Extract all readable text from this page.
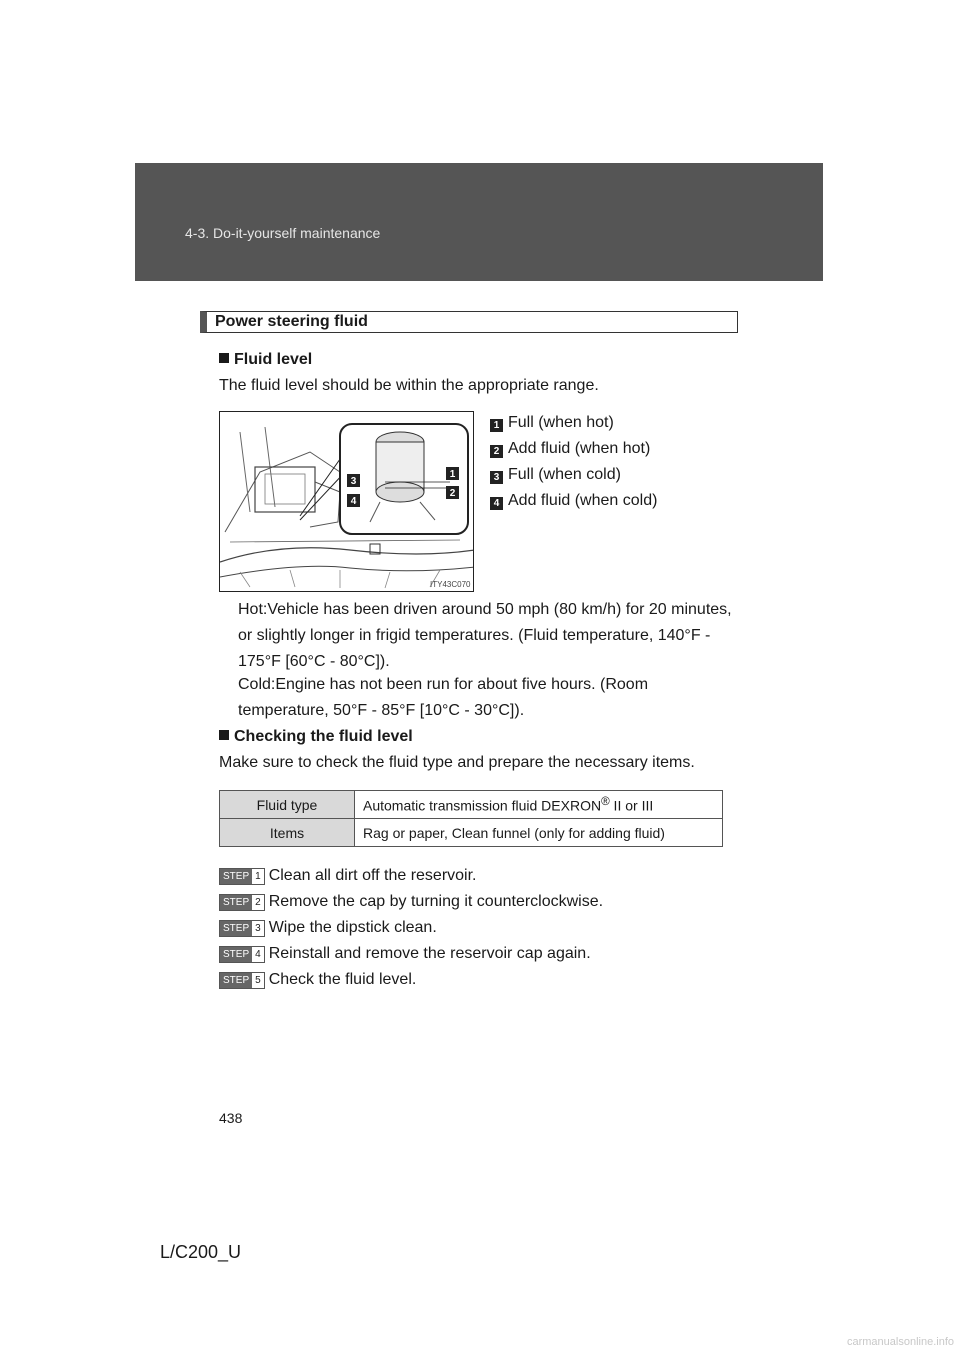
4-3. Do-it-yourself maintenance
Power steering fluid
Fluid level
The fluid level should be within the appropriate range.
3
4
1
2
ITY43C070
1 Full (when hot)
2 Add fluid (when hot)
3 Full (when cold)
4 Add fluid (when cold)
Hot:Vehicle has been driven around 50 mph (80 km/h) for 20 minutes, or slightly longer in frigid temperatures. (Fluid temperature, 140°F - 175°F [60°C - 80°C]).
Cold:Engine has not been run for about five hours. (Room temperature, 50°F - 85°F [10°C - 30°C]).
Checking the fluid level
Make sure to check the fluid type and prepare the necessary items.
Fluid type	Automatic transmission fluid DEXRON® II or III
Items	Rag or paper, Clean funnel (only for adding fluid)
STEP 1 Clean all dirt off the reservoir.
STEP 2 Remove the cap by turning it counterclockwise.
STEP 3 Wipe the dipstick clean.
STEP 4 Reinstall and remove the reservoir cap again.
STEP 5 Check the fluid level.
438
L/C200_U
carmanualsonline.info
